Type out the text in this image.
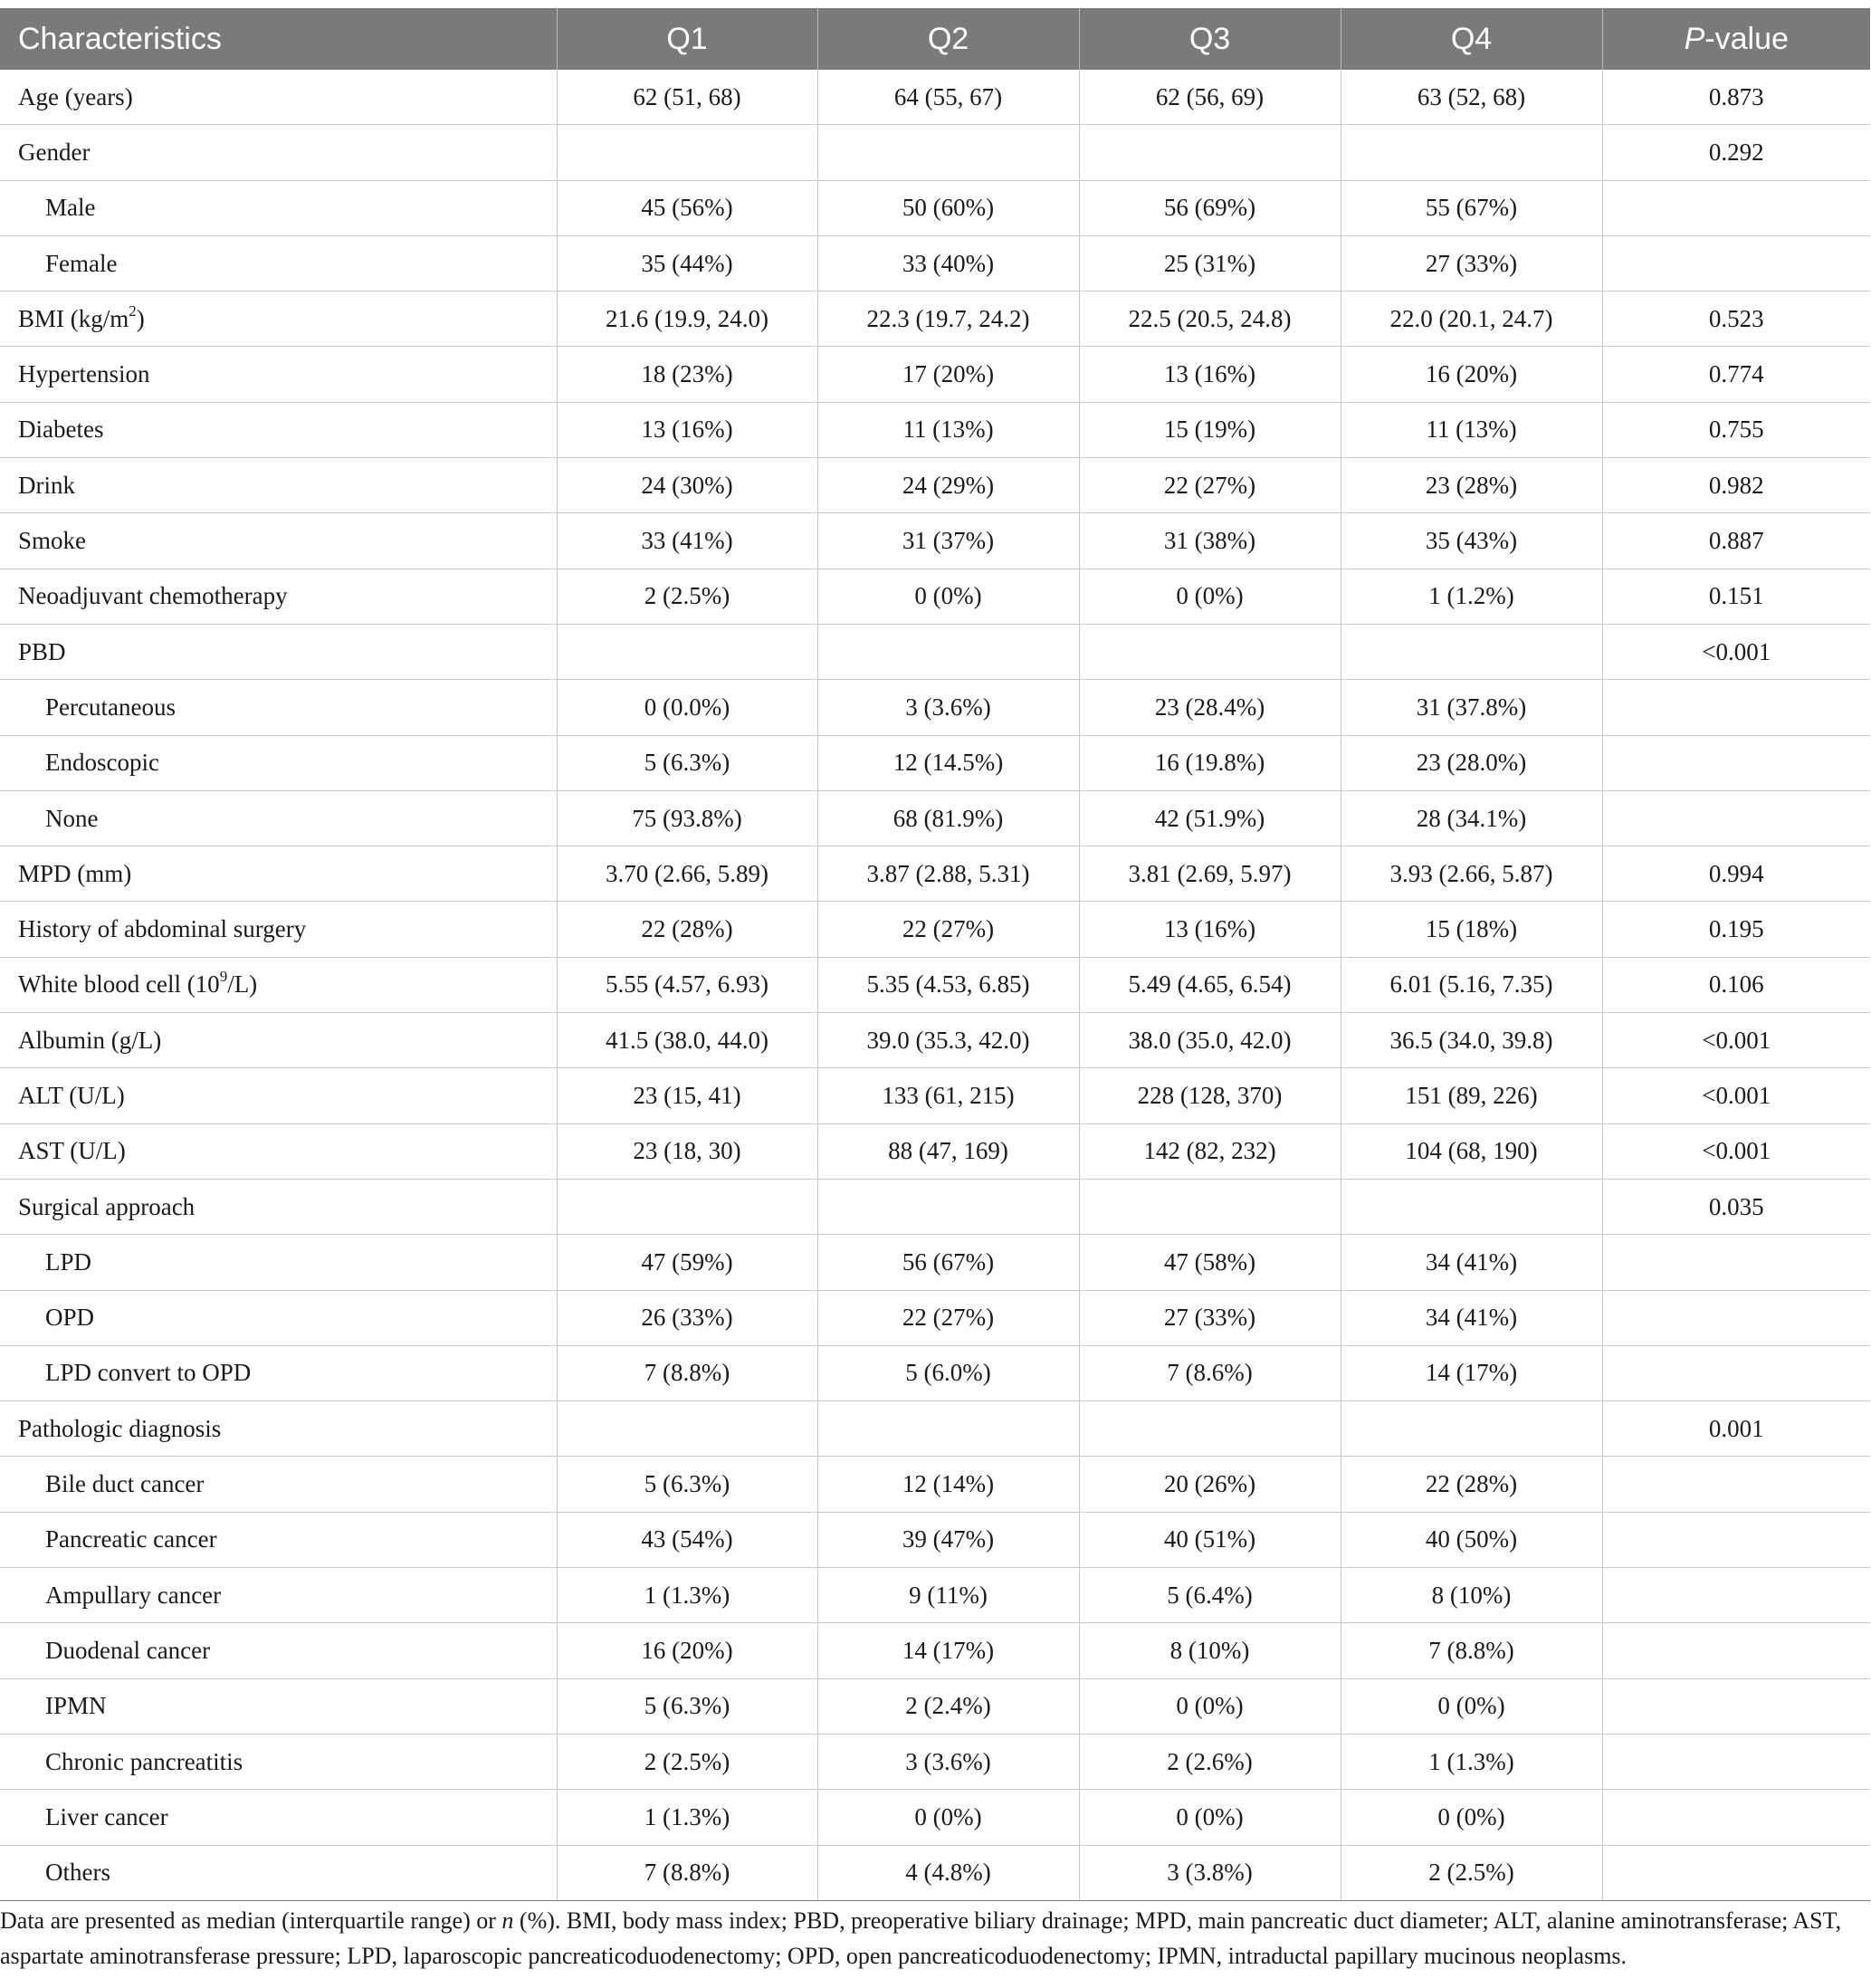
Characteristics	Q1	Q2	Q3	Q4	P-value
Age (years)	62 (51, 68)	64 (55, 67)	62 (56, 69)	63 (52, 68)	0.873
Gender					0.292
Male	45 (56%)	50 (60%)	56 (69%)	55 (67%)	
Female	35 (44%)	33 (40%)	25 (31%)	27 (33%)	
BMI $(kg/m^2)$	21.6 (19.9, 24.0)	22.3 (19.7, 24.2)	22.5 (20.5, 24.8)	22.0 (20.1, 24.7)	0.523
Hypertension	18 (23%)	17 (20%)	13 (16%)	16 (20%)	0.774
Diabetes	13 (16%)	11 (13%)	15 (19%)	11 (13%)	0.755
Drink	24 (30%)	24 (29%)	22 (27%)	23 (28%)	0.982
Smoke	33 (41%)	31 (37%)	31 (38%)	35 (43%)	0.887
Neoadjuvant chemotherapy	2 (2.5%)	0 (0%)	0 (0%)	1 (1.2%)	0.151
PBD					<0.001
Percutaneous	0 (0.0%)	3 (3.6%)	23 (28.4%)	31 (37.8%)	
Endoscopic	5 (6.3%)	12 (14.5%)	16 (19.8%)	23 (28.0%)	
None	75 (93.8%)	68 (81.9%)	42 (51.9%)	28 (34.1%)	
MPD (mm)	3.70 (2.66, 5.89)	3.87 (2.88, 5.31)	3.81 (2.69, 5.97)	3.93 (2.66, 5.87)	0.994
History of abdominal surgery	22 (28%)	22 (27%)	13 (16%)	15 (18%)	0.195
White blood cell $(10^9/L)$	5.55 (4.57, 6.93)	5.35 (4.53, 6.85)	5.49 (4.65, 6.54)	6.01 (5.16, 7.35)	0.106
Albumin (g/L)	41.5 (38.0, 44.0)	39.0 (35.3, 42.0)	38.0 (35.0, 42.0)	36.5 (34.0, 39.8)	<0.001
ALT (U/L)	23 (15, 41)	133 (61, 215)	228 (128, 370)	151 (89, 226)	<0.001
AST (U/L)	23 (18, 30)	88 (47, 169)	142 (82, 232)	104 (68, 190)	<0.001
Surgical approach					0.035
LPD	47 (59%)	56 (67%)	47 (58%)	34 (41%)	
OPD	26 (33%)	22 (27%)	27 (33%)	34 (41%)	
LPD convert to OPD	7 (8.8%)	5 (6.0%)	7 (8.6%)	14 (17%)	
Pathologic diagnosis					0.001
Bile duct cancer	5 (6.3%)	12 (14%)	20 (26%)	22 (28%)	
Pancreatic cancer	43 (54%)	39 (47%)	40 (51%)	40 (50%)	
Ampullary cancer	1 (1.3%)	9 (11%)	5 (6.4%)	8 (10%)	
Duodenal cancer	16 (20%)	14 (17%)	8 (10%)	7 (8.8%)	
IPMN	5 (6.3%)	2 (2.4%)	0 (0%)	0 (0%)	
Chronic pancreatitis	2 (2.5%)	3 (3.6%)	2 (2.6%)	1 (1.3%)	
Liver cancer	1 (1.3%)	0 (0%)	0 (0%)	0 (0%)	
Others	7 (8.8%)	4 (4.8%)	3 (3.8%)	2 (2.5%)	
Data are presented as median (interquartile range) or n (%). BMI, body mass index; PBD, preoperative biliary drainage; MPD, main pancreatic duct diameter; ALT, alanine aminotransferase; AST, aspartate aminotransferase pressure; LPD, laparoscopic pancreaticoduodenectomy; OPD, open pancreaticoduodenectomy; IPMN, intraductal papillary mucinous neoplasms.
